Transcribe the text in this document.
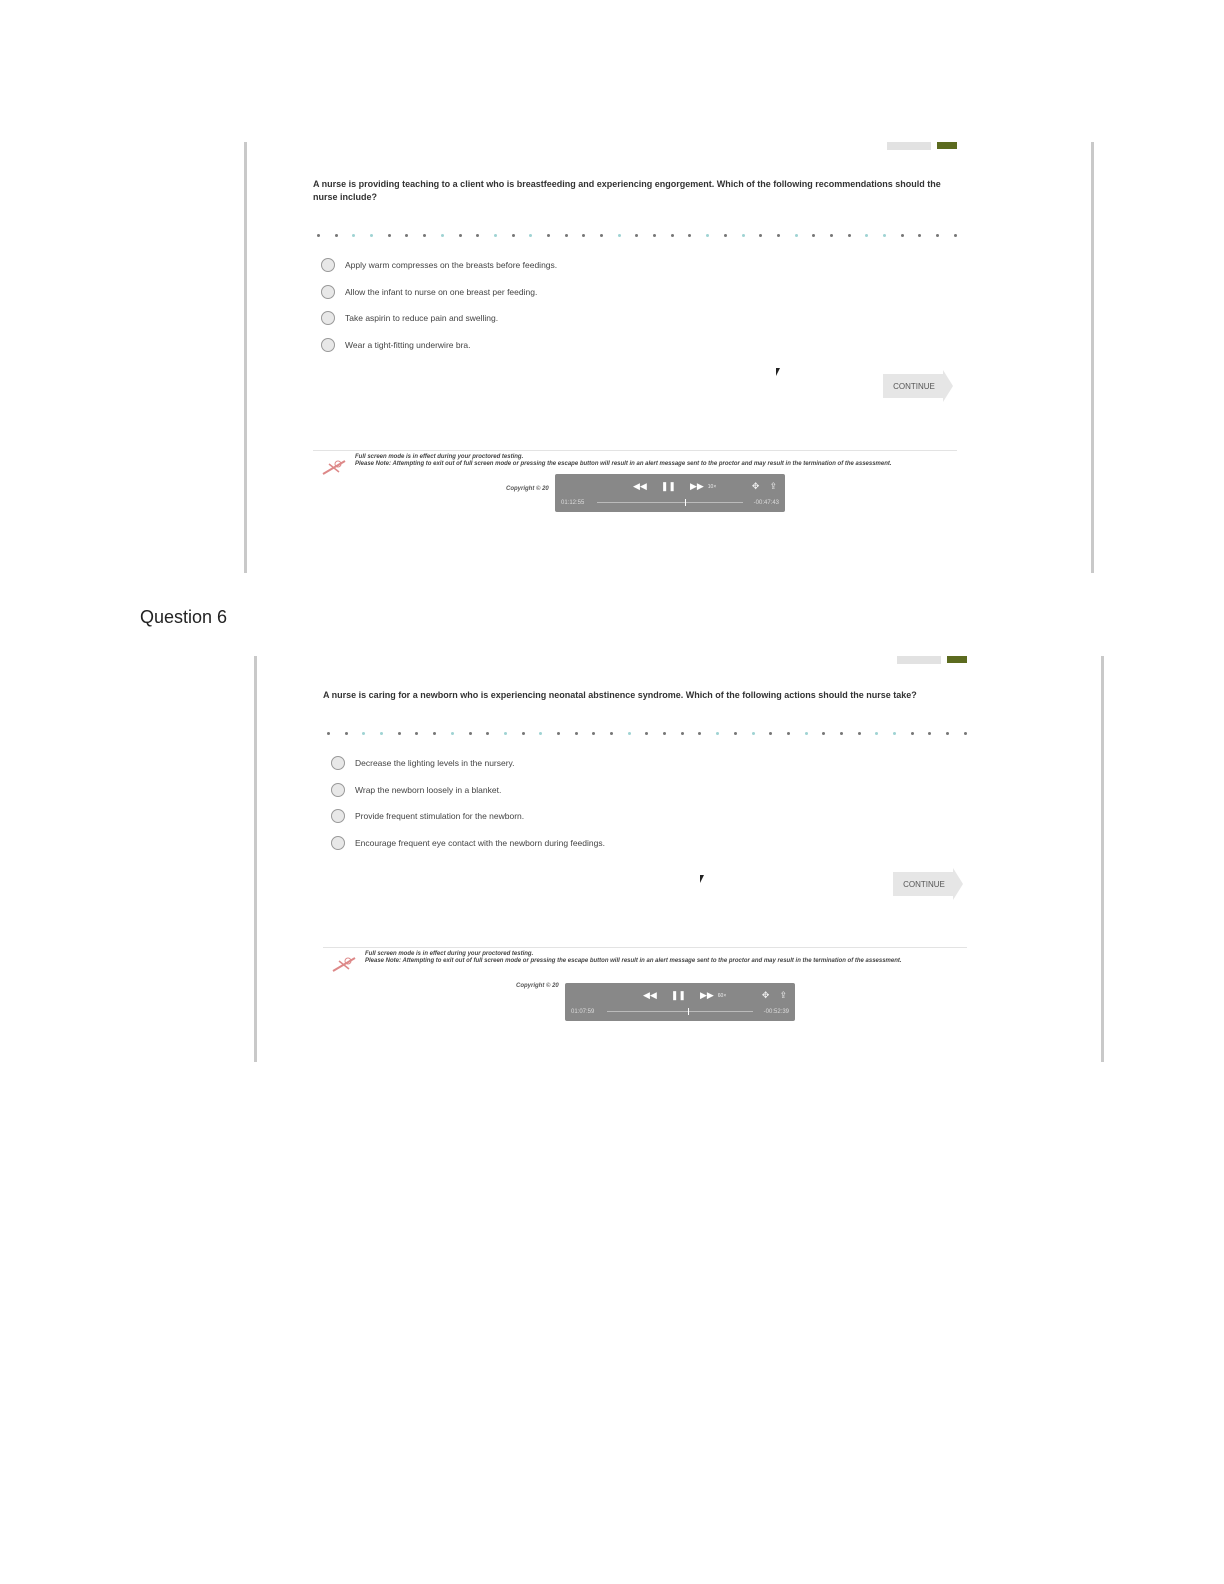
A nurse is providing teaching to a client who is breastfeeding and experiencing engorgement. Which of the following recommendations should the nurse include?
Apply warm compresses on the breasts before feedings.
Allow the infant to nurse on one breast per feeding.
Take aspirin to reduce pain and swelling.
Wear a tight-fitting underwire bra.
CONTINUE
Full screen mode is in effect during your proctored testing.
Please Note: Attempting to exit out of full screen mode or pressing the escape button will result in an alert message sent to the proctor and may result in the termination of the assessment.
Copyright © 20	◀◀ ❚❚ ▶▶ 10×	✥ ⇪
01:12:55	-00:47:43
Question 6
A nurse is caring for a newborn who is experiencing neonatal abstinence syndrome. Which of the following actions should the nurse take?
Decrease the lighting levels in the nursery.
Wrap the newborn loosely in a blanket.
Provide frequent stimulation for the newborn.
Encourage frequent eye contact with the newborn during feedings.
CONTINUE
Full screen mode is in effect during your proctored testing.
Please Note: Attempting to exit out of full screen mode or pressing the escape button will result in an alert message sent to the proctor and may result in the termination of the assessment.
Copyright © 20
◀◀ ❚❚ ▶▶ 60×	✥ ⇪
01:07:59	-00:52:39
